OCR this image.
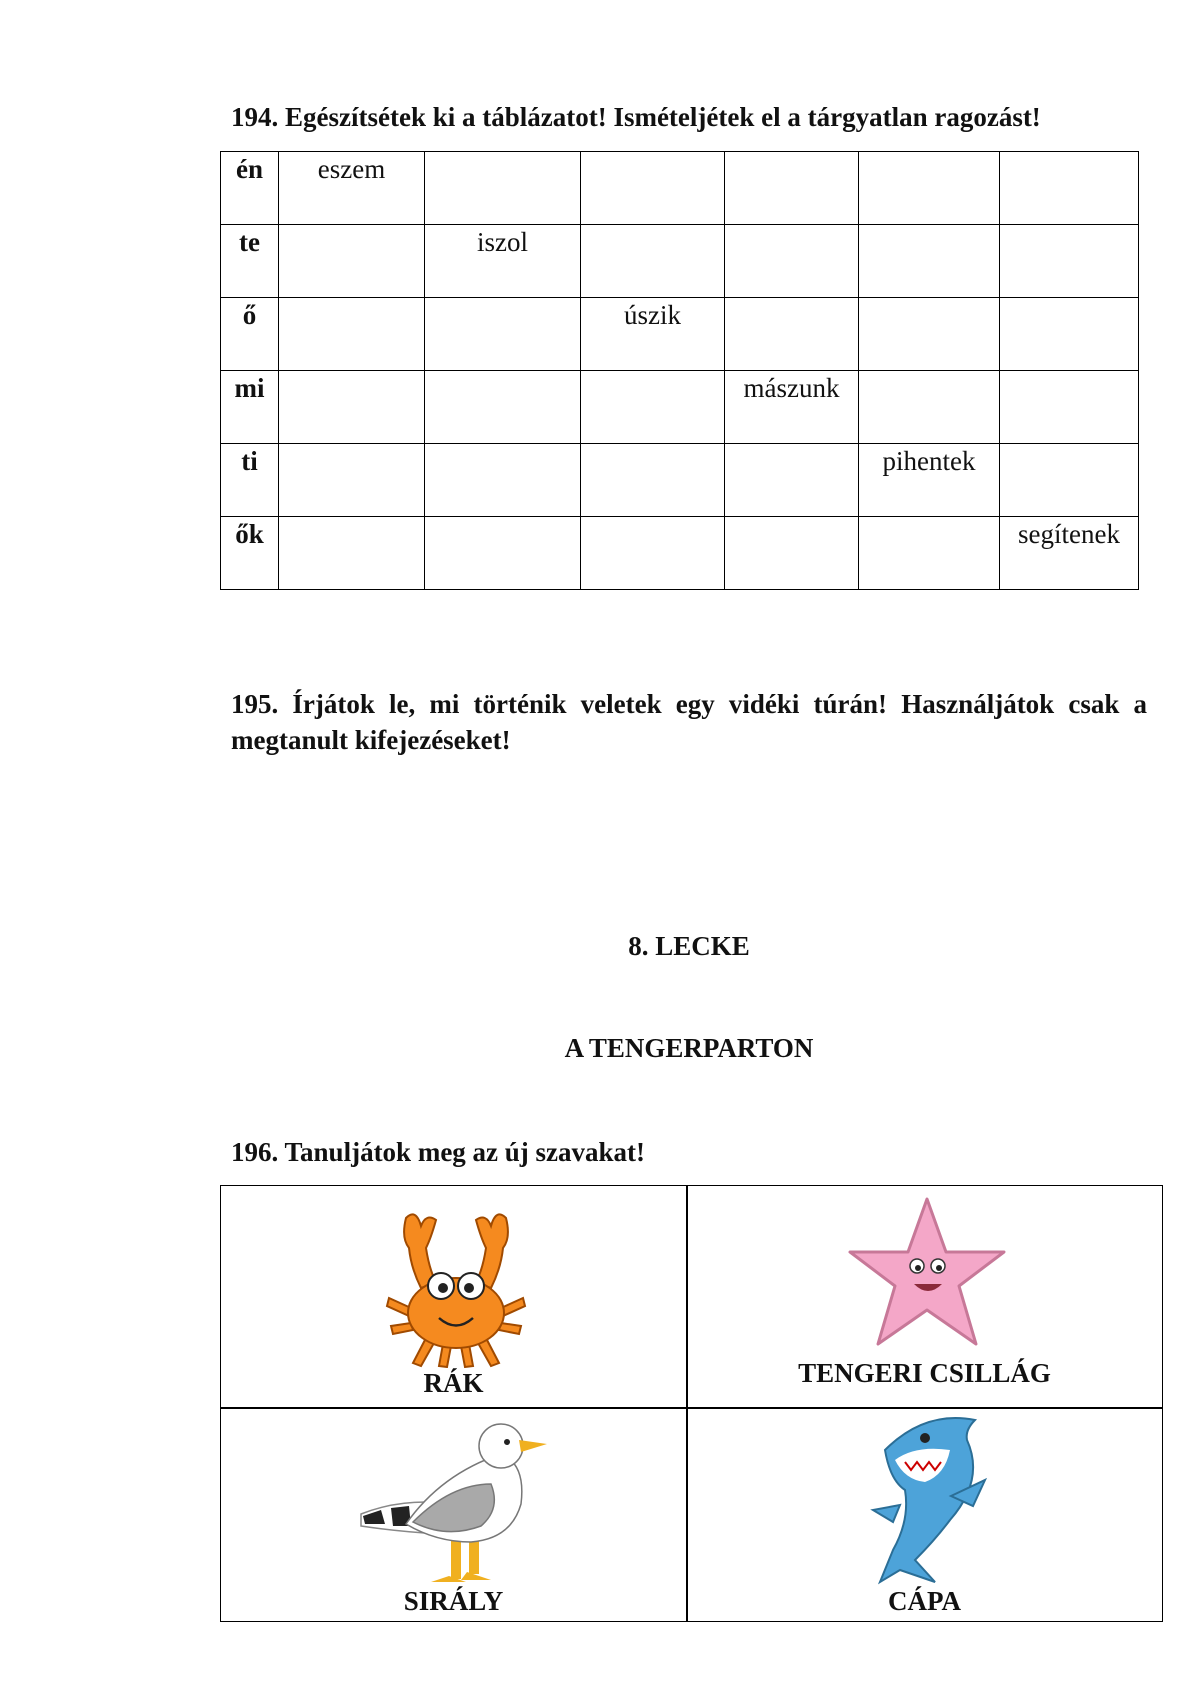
194. Egészítsétek ki a táblázatot! Ismételjétek el a tárgyatlan ragozást!

én	eszem					
te		iszol				
ő			úszik			
mi				mászunk		
ti					pihentek	
ők						segítenek

195. Írjátok le, mi történik veletek egy vidéki túrán! Használjátok csak a megtanult kifejezéseket!

8. LECKE

A TENGERPARTON

196. Tanuljátok meg az új szavakat!

RÁK	TENGERI CSILLÁG
SIRÁLY	CÁPA
